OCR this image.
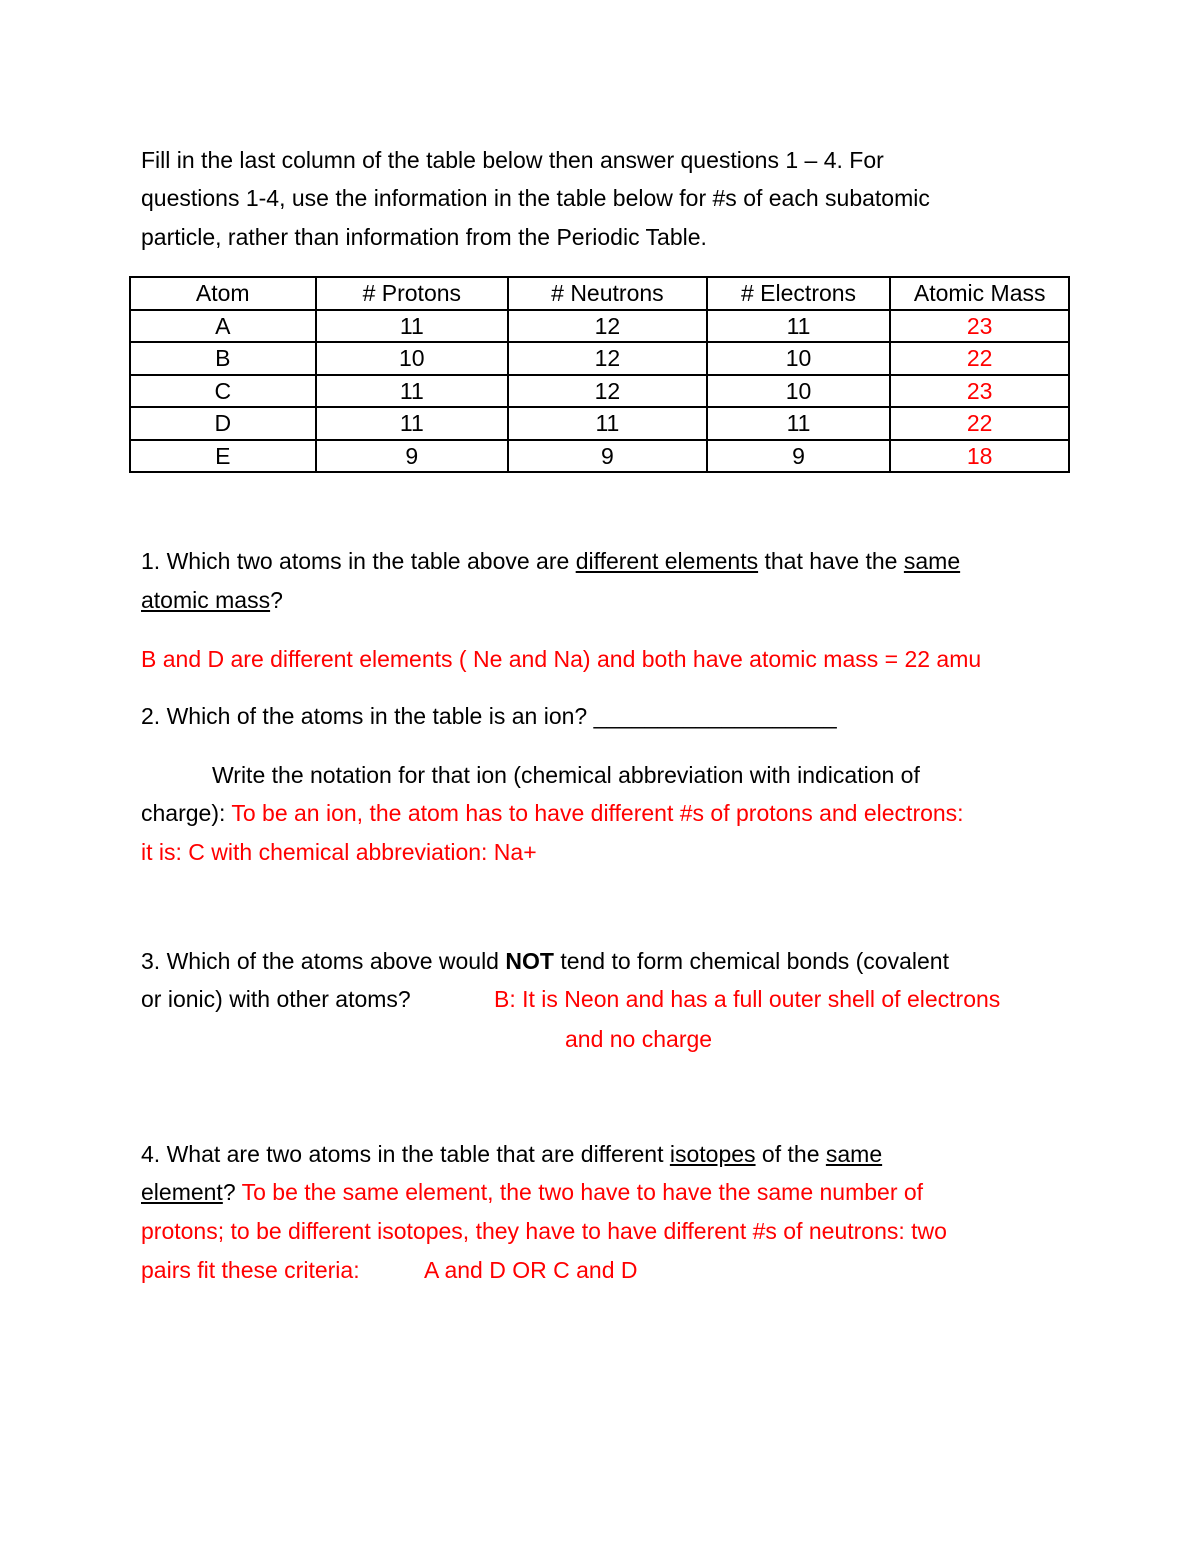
Fill in the last column of the table below then answer questions 1 – 4. For
questions 1-4, use the information in the table below for #s of each subatomic
particle, rather than information from the Periodic Table.
Atom	# Protons	# Neutrons	# Electrons	Atomic Mass
A	11	12	11	23
B	10	12	10	22
C	11	12	10	23
D	11	11	11	22
E	9	9	9	18
1. Which two atoms in the table above are different elements that have the same
atomic mass?
B and D are different elements ( Ne and Na) and both have atomic mass = 22 amu
2. Which of the atoms in the table is an ion? ___________________
Write the notation for that ion (chemical abbreviation with indication of
charge): To be an ion, the atom has to have different #s of protons and electrons:
it is: C with chemical abbreviation: Na+
3. Which of the atoms above would NOT tend to form chemical bonds (covalent
or ionic) with other atoms?	B: It is Neon and has a full outer shell of electrons
and no charge
4. What are two atoms in the table that are different isotopes of the same
element? To be the same element, the two have to have the same number of
protons; to be different isotopes, they have to have different #s of neutrons: two
pairs fit these criteria:	A and D OR C and D
